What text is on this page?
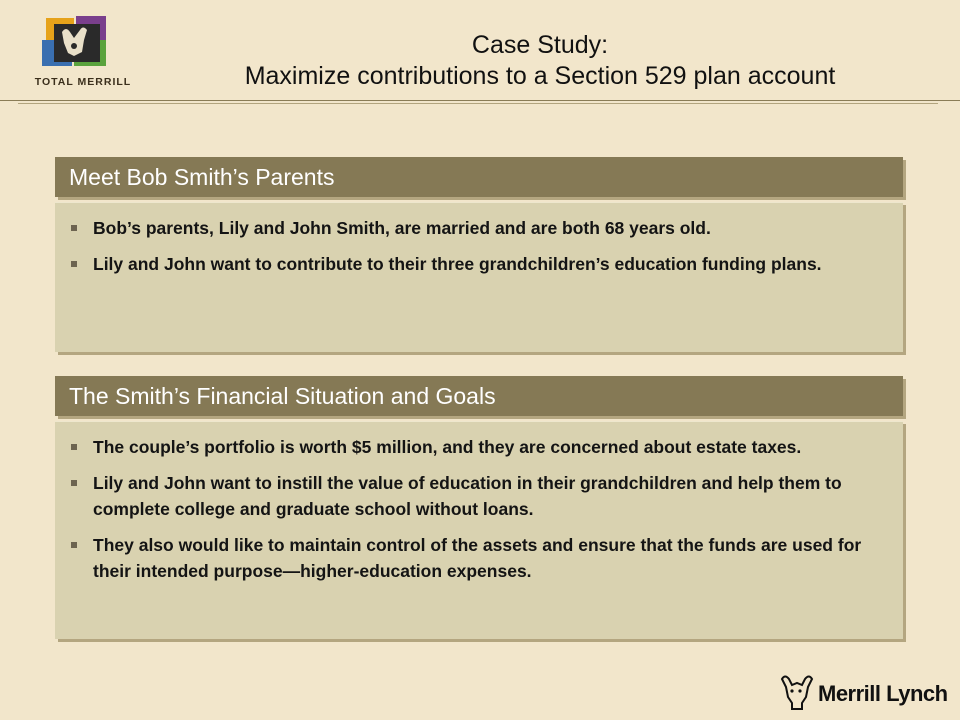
TOTAL MERRILL
Case Study:
Maximize contributions to a Section 529 plan account
Meet Bob Smith’s Parents
Bob’s parents, Lily and John Smith, are married and are both 68 years old.
Lily and John want to contribute to their three grandchildren’s education funding plans.
The Smith’s Financial Situation and Goals
The couple’s portfolio is worth $5 million, and they are concerned about estate taxes.
Lily and John want to instill the value of education in their grandchildren and help them to complete college and graduate school without loans.
They also would like to maintain control of the assets and ensure that the funds are used for their intended purpose—higher-education expenses.
Merrill Lynch
